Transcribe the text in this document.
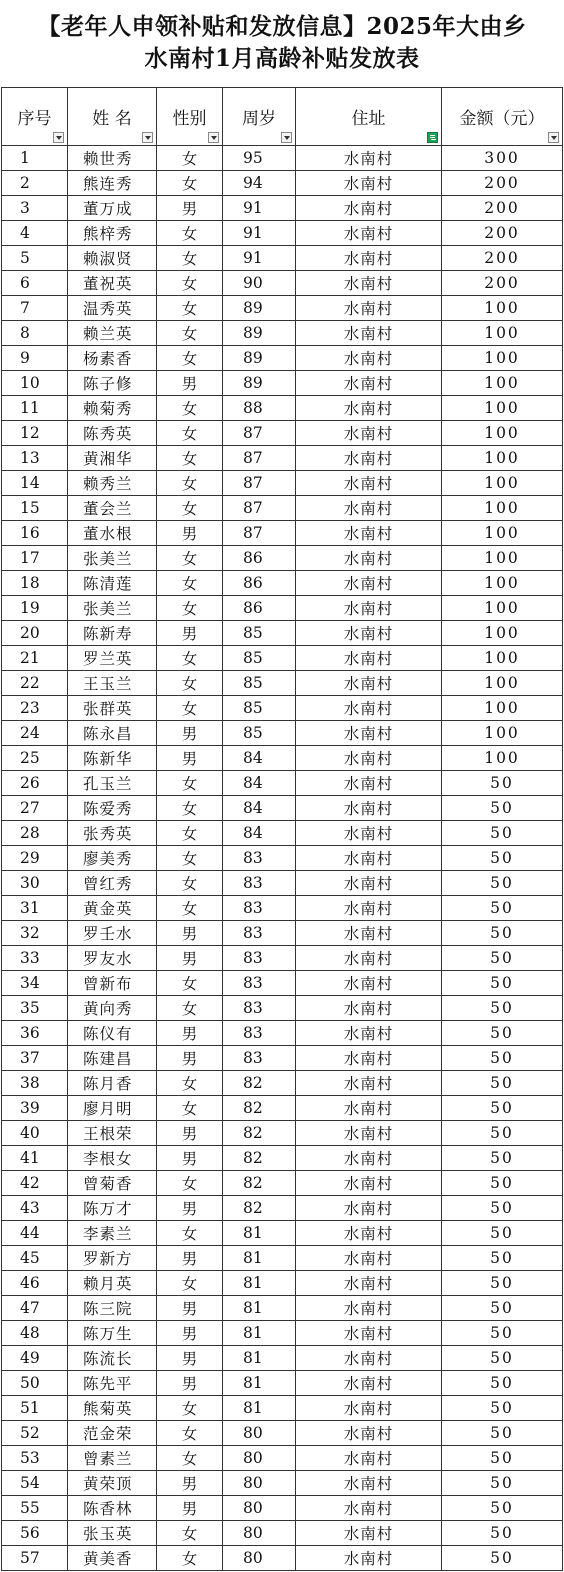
【老年人申领补贴和发放信息】2025年大由乡
水南村1月高龄补贴发放表
序号	姓 名	性别	周岁	住址	金额（元）

1	赖世秀	女	95	水南村	300
2	熊连秀	女	94	水南村	200
3	董万成	男	91	水南村	200
4	熊梓秀	女	91	水南村	200
5	赖淑贤	女	91	水南村	200
6	董祝英	女	90	水南村	200
7	温秀英	女	89	水南村	100
8	赖兰英	女	89	水南村	100
9	杨素香	女	89	水南村	100
10	陈子修	男	89	水南村	100
11	赖菊秀	女	88	水南村	100
12	陈秀英	女	87	水南村	100
13	黄湘华	女	87	水南村	100
14	赖秀兰	女	87	水南村	100
15	董会兰	女	87	水南村	100
16	董水根	男	87	水南村	100
17	张美兰	女	86	水南村	100
18	陈清莲	女	86	水南村	100
19	张美兰	女	86	水南村	100
20	陈新寿	男	85	水南村	100
21	罗兰英	女	85	水南村	100
22	王玉兰	女	85	水南村	100
23	张群英	女	85	水南村	100
24	陈永昌	男	85	水南村	100
25	陈新华	男	84	水南村	100
26	孔玉兰	女	84	水南村	50
27	陈爱秀	女	84	水南村	50
28	张秀英	女	84	水南村	50
29	廖美秀	女	83	水南村	50
30	曾红秀	女	83	水南村	50
31	黄金英	女	83	水南村	50
32	罗壬水	男	83	水南村	50
33	罗友水	男	83	水南村	50
34	曾新布	女	83	水南村	50
35	黄向秀	女	83	水南村	50
36	陈仪有	男	83	水南村	50
37	陈建昌	男	83	水南村	50
38	陈月香	女	82	水南村	50
39	廖月明	女	82	水南村	50
40	王根荣	男	82	水南村	50
41	李根女	男	82	水南村	50
42	曾菊香	女	82	水南村	50
43	陈万才	男	82	水南村	50
44	李素兰	女	81	水南村	50
45	罗新方	男	81	水南村	50
46	赖月英	女	81	水南村	50
47	陈三院	男	81	水南村	50
48	陈万生	男	81	水南村	50
49	陈流长	男	81	水南村	50
50	陈先平	男	81	水南村	50
51	熊菊英	女	81	水南村	50
52	范金荣	女	80	水南村	50
53	曾素兰	女	80	水南村	50
54	黄荣顶	男	80	水南村	50
55	陈香林	男	80	水南村	50
56	张玉英	女	80	水南村	50
57	黄美香	女	80	水南村	50
